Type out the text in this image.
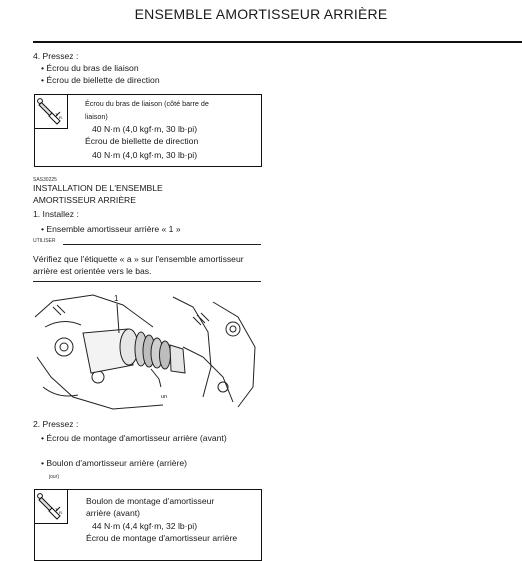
ENSEMBLE AMORTISSEUR ARRIÈRE
4. Pressez :
• Écrou du bras de liaison
• Écrou de biellette de direction
T.
R.
Écrou du bras de liaison (côté barre de
liaison)
40 N·m (4,0 kgf·m, 30 lb·pi)
Écrou de biellette de direction
40 N·m (4,0 kgf·m, 30 lb·pi)
SAS30225
INSTALLATION DE L'ENSEMBLE
AMORTISSEUR ARRIÈRE
1. Installez :
• Ensemble amortisseur arrière « 1 »
UTILISER
Vérifiez que l'étiquette « a » sur l'ensemble amortisseur
arrière est orientée vers le bas.
1
un
2. Pressez :
• Écrou de montage d'amortisseur arrière (avant)
• Boulon d'amortisseur arrière (arrière)
jour)
T.
R.
Boulon de montage d'amortisseur
arrière (avant)
44 N·m (4,4 kgf·m, 32 lb·pi)
Écrou de montage d'amortisseur arrière
